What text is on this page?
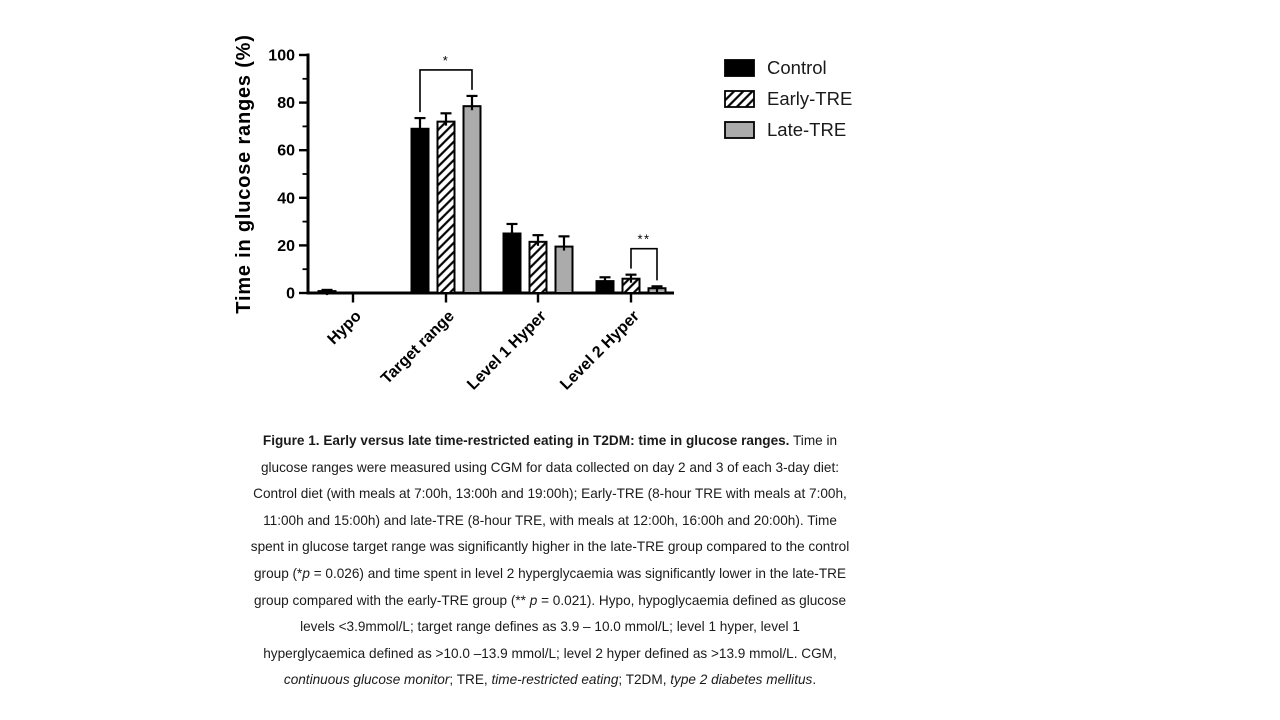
0
20
40
60
80
100
Time in glucose ranges (%)
Hypo Target range Level 1 Hyper Level 2 Hyper
*
**
Control
Early-TRE
Late-TRE
Figure 1. Early versus late time-restricted eating in T2DM: time in glucose ranges. Time in
glucose ranges were measured using CGM for data collected on day 2 and 3 of each 3-day diet:
Control diet (with meals at 7:00h, 13:00h and 19:00h); Early-TRE (8-hour TRE with meals at 7:00h,
11:00h and 15:00h) and late-TRE (8-hour TRE, with meals at 12:00h, 16:00h and 20:00h). Time
spent in glucose target range was significantly higher in the late-TRE group compared to the control
group (*p = 0.026) and time spent in level 2 hyperglycaemia was significantly lower in the late-TRE
group compared with the early-TRE group (** p = 0.021). Hypo, hypoglycaemia defined as glucose
levels <3.9mmol/L; target range defines as 3.9 – 10.0 mmol/L; level 1 hyper, level 1
hyperglycaemica defined as >10.0 –13.9 mmol/L; level 2 hyper defined as >13.9 mmol/L. CGM,
continuous glucose monitor; TRE, time-restricted eating; T2DM, type 2 diabetes mellitus.
